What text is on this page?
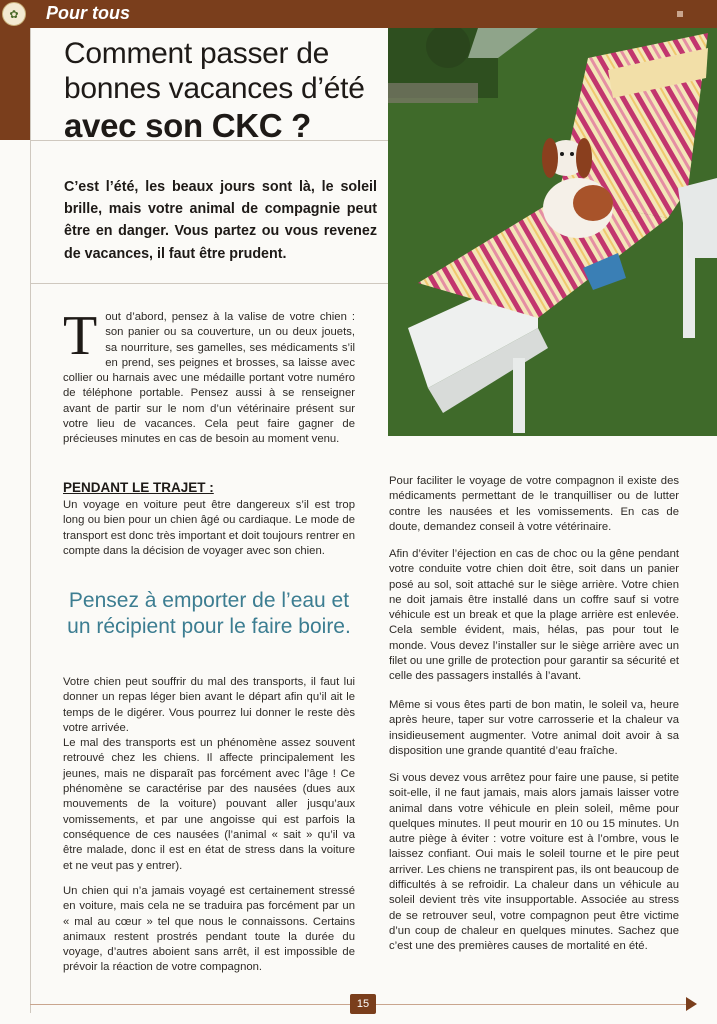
✿	Pour tous
Comment passer de
bonnes vacances d’été
avec son CKC ?

C’est l’été, les beaux jours sont là, le soleil brille, mais votre animal de compagnie peut être en danger. Vous partez ou vous revenez de vacances, il faut être prudent.

T out d’abord, pensez à la valise de votre chien : son panier ou sa couverture, un ou deux jouets, sa nourriture, ses gamelles, ses médicaments s’il en prend, ses peignes et brosses, sa laisse avec collier ou harnais avec une médaille portant votre numéro de téléphone portable. Pensez aussi à se renseigner avant de partir sur le nom d’un vétérinaire présent sur votre lieu de vacances. Cela peut faire gagner de précieuses minutes en cas de besoin au moment venu.

PENDANT LE TRAJET :

Un voyage en voiture peut être dangereux s’il est trop long ou bien pour un chien âgé ou cardiaque. Le mode de transport est donc très important et doit toujours rentrer en compte dans la décision de voyager avec son chien.

Pensez à emporter de l’eau et un récipient pour le faire boire.

Votre chien peut souffrir du mal des transports, il faut lui donner un repas léger bien avant le départ afin qu’il ait le temps de le digérer. Vous pourrez lui donner le reste dès votre arrivée.

Le mal des transports est un phénomène assez souvent retrouvé chez les chiens. Il affecte principalement les jeunes, mais ne disparaît pas forcément avec l’âge ! Ce phénomène se caractérise par des nausées (dues aux mouvements de la voiture) pouvant aller jusqu’aux vomissements, et par une angoisse qui est parfois la conséquence de ces nausées (l’animal « sait » qu’il va être malade, donc il est en état de stress dans la voiture et ne veut pas y entrer).

Un chien qui n’a jamais voyagé est certainement stressé en voiture, mais cela ne se traduira pas forcément par un « mal au cœur » tel que nous le connaissons. Certains animaux restent prostrés pendant toute la durée du voyage, d’autres aboient sans arrêt, il est impossible de prévoir la réaction de votre compagnon.

Pour faciliter le voyage de votre compagnon il existe des médicaments permettant de le tranquilliser ou de lutter contre les nausées et les vomissements. En cas de doute, demandez conseil à votre vétérinaire.

Afin d’éviter l’éjection en cas de choc ou la gêne pendant votre conduite votre chien doit être, soit dans un panier posé au sol, soit attaché sur le siège arrière. Votre chien ne doit jamais être installé dans un coffre sauf si votre véhicule est un break et que la plage arrière est enlevée. Cela semble évident, mais, hélas, pas pour tout le monde. Vous devez l’installer sur le siège arrière avec un filet ou une grille de protection pour garantir sa sécurité et celle des passagers installés à l’avant.

Même si vous êtes parti de bon matin, le soleil va, heure après heure, taper sur votre carrosserie et la chaleur va insidieusement augmenter. Votre animal doit avoir à sa disposition une grande quantité d’eau fraîche.

Si vous devez vous arrêtez pour faire une pause, si petite soit-elle, il ne faut jamais, mais alors jamais laisser votre animal dans votre véhicule en plein soleil, même pour quelques minutes. Il peut mourir en 10 ou 15 minutes. Un autre piège à éviter : votre voiture est à l’ombre, vous le laissez confiant. Oui mais le soleil tourne et le pire peut arriver. Les chiens ne transpirent pas, ils ont beaucoup de difficultés à se refroidir. La chaleur dans un véhicule au soleil devient très vite insupportable. Associée au stress de se retrouver seul, votre compagnon peut être victime d’un coup de chaleur en quelques minutes. Sachez que c’est une des premières causes de mortalité en été.

15
